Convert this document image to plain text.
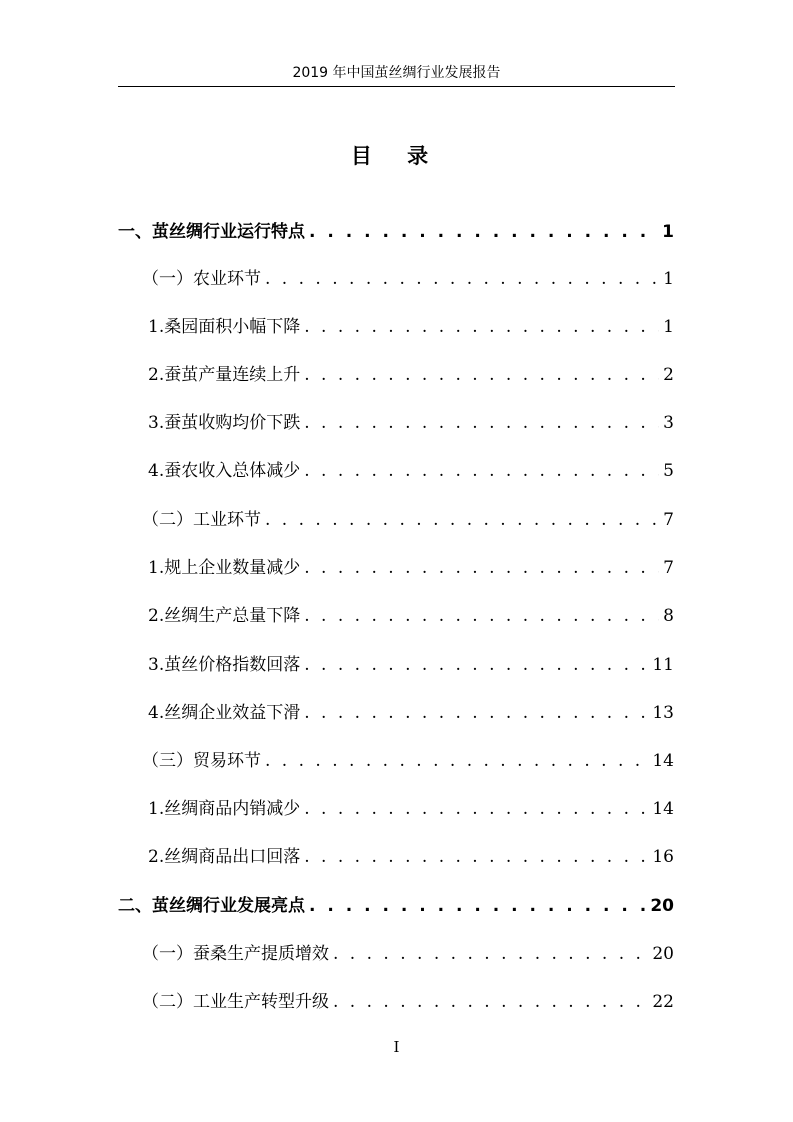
2019 年中国茧丝绸行业发展报告
目 录
一、茧丝绸行业运行特点 . . .	1
（一）农业环节 . . .	1
1.桑园面积小幅下降 . . .	1
2.蚕茧产量连续上升 . . .	2
3.蚕茧收购均价下跌 . . .	3
4.蚕农收入总体减少 . . .	5
（二）工业环节 . . .	7
1.规上企业数量减少 . . .	7
2.丝绸生产总量下降 . . .	8
3.茧丝价格指数回落 . . .	11
4.丝绸企业效益下滑 . . .	13
（三）贸易环节 . . .	14
1.丝绸商品内销减少 . . .	14
2.丝绸商品出口回落 . . .	16
二、茧丝绸行业发展亮点 . . .	20
（一）蚕桑生产提质增效 . . .	20
（二）工业生产转型升级 . . .	22
I
